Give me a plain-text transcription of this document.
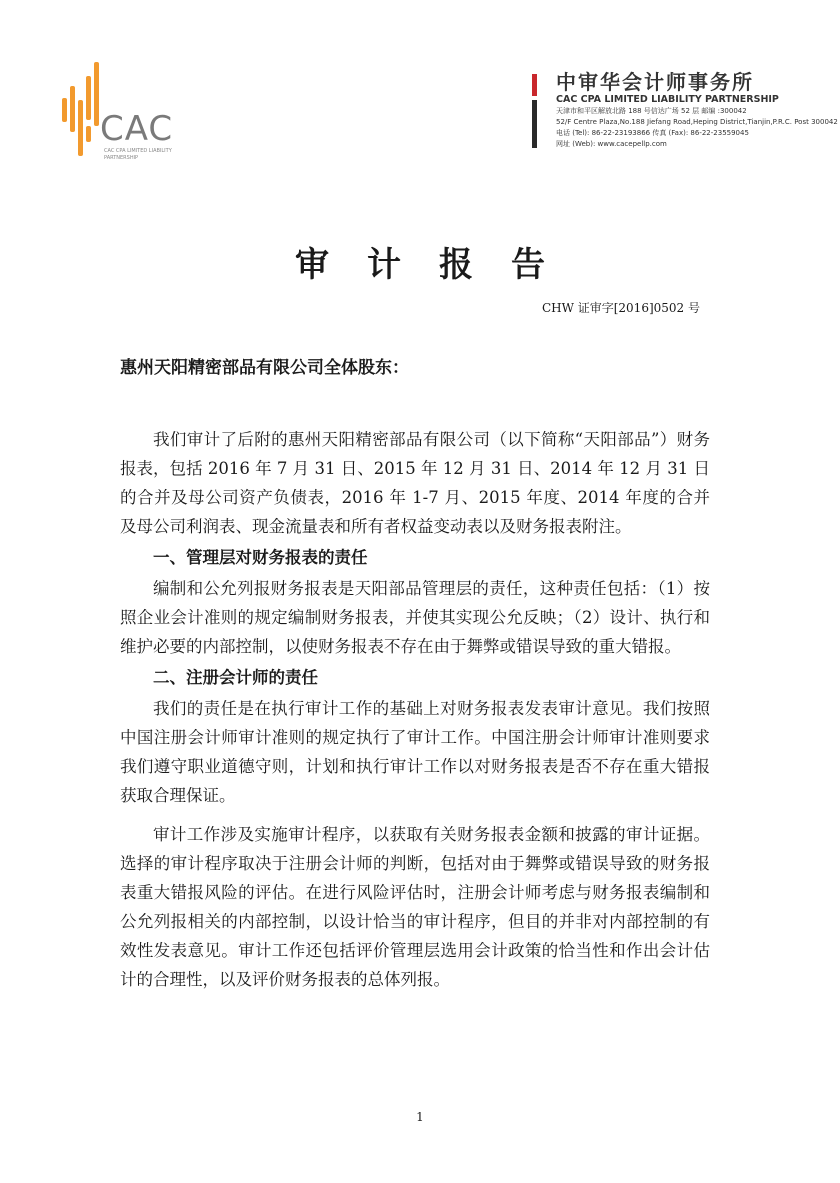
CAC
CAC CPA LIMITED LIABILITY PARTNERSHIP
中审华会计师事务所
CAC CPA LIMITED LIABILITY PARTNERSHIP
天津市和平区解放北路 188 号信达广场 52 层 邮编 :300042
52/F Centre Plaza,No.188 Jiefang Road,Heping District,Tianjin,P.R.C. Post 300042
电话 (Tel): 86-22-23193866 传真 (Fax): 86-22-23559045
网址 (Web): www.cacepellp.com
审计报告
CHW 证审字[2016]0502 号
惠州天阳精密部品有限公司全体股东：

我们审计了后附的惠州天阳精密部品有限公司（以下简称“天阳部品”）财务报表，包括 2016 年 7 月 31 日、2015 年 12 月 31 日、2014 年 12 月 31 日的合并及母公司资产负债表，2016 年 1-7 月、2015 年度、2014 年度的合并及母公司利润表、现金流量表和所有者权益变动表以及财务报表附注。

一、管理层对财务报表的责任

编制和公允列报财务报表是天阳部品管理层的责任，这种责任包括：（1）按照企业会计准则的规定编制财务报表，并使其实现公允反映；（2）设计、执行和维护必要的内部控制，以使财务报表不存在由于舞弊或错误导致的重大错报。

二、注册会计师的责任

我们的责任是在执行审计工作的基础上对财务报表发表审计意见。我们按照中国注册会计师审计准则的规定执行了审计工作。中国注册会计师审计准则要求我们遵守职业道德守则，计划和执行审计工作以对财务报表是否不存在重大错报获取合理保证。

审计工作涉及实施审计程序，以获取有关财务报表金额和披露的审计证据。选择的审计程序取决于注册会计师的判断，包括对由于舞弊或错误导致的财务报表重大错报风险的评估。在进行风险评估时，注册会计师考虑与财务报表编制和公允列报相关的内部控制，以设计恰当的审计程序，但目的并非对内部控制的有效性发表意见。审计工作还包括评价管理层选用会计政策的恰当性和作出会计估计的合理性，以及评价财务报表的总体列报。

1
